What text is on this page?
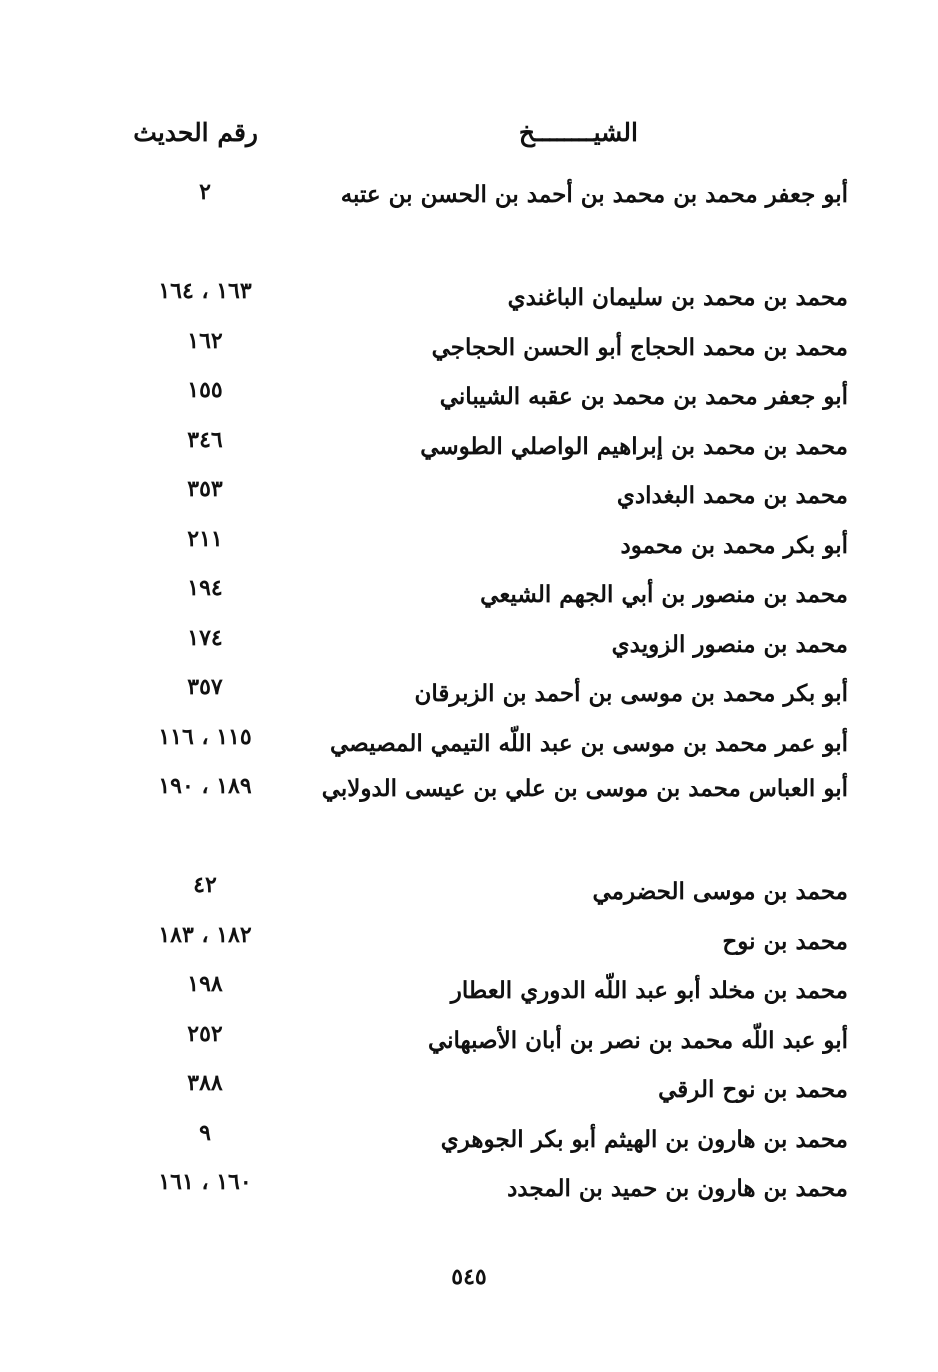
الشيــــــــخ
رقم الحديث
أبو جعفر محمد بن محمد بن أحمد بن الحسن بن عتبه
٢
محمد بن محمد بن سليمان الباغندي
١٦٣ ، ١٦٤
محمد بن محمد الحجاج أبو الحسن الحجاجي
١٦٢
أبو جعفر محمد بن محمد بن عقبه الشيباني
١٥٥
محمد بن محمد بن إبراهيم الواصلي الطوسي
٣٤٦
محمد بن محمد البغدادي
٣٥٣
أبو بكر محمد بن محمود
٢١١
محمد بن منصور بن أبي الجهم الشيعي
١٩٤
محمد بن منصور الزويدي
١٧٤
أبو بكر محمد بن موسى بن أحمد بن الزبرقان
٣٥٧
أبو عمر محمد بن موسى بن عبد اللّه التيمي المصيصي
١١٥ ، ١١٦
أبو العباس محمد بن موسى بن علي بن عيسى الدولابي
١٨٩ ، ١٩٠
محمد بن موسى الحضرمي
٤٢
محمد بن نوح
١٨٢ ، ١٨٣
محمد بن مخلد أبو عبد اللّه الدوري العطار
١٩٨
أبو عبد اللّه محمد بن نصر بن أبان الأصبهاني
٢٥٢
محمد بن نوح الرقي
٣٨٨
محمد بن هارون بن الهيثم أبو بكر الجوهري
٩
محمد بن هارون بن حميد بن المجدد
١٦٠ ، ١٦١
٥٤٥
